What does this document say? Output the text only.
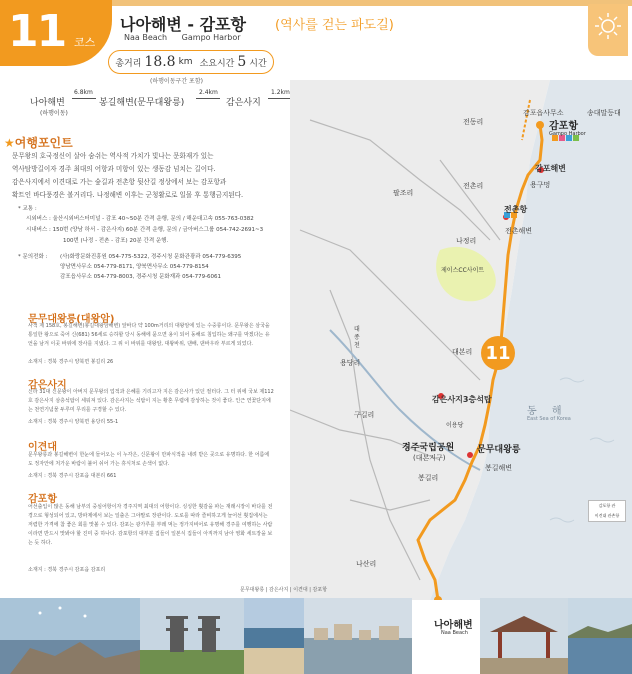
11 코스
나아해변 - 감포항 (역사를 걷는 파도길)
Naa Beach Gampo Harbor
총거리 18.8 km 소요시간 5 시간
(하행이동구간 포함)
나아해변
6.8km
(하행이동)
봉길해변(문무대왕릉)
2.4km
감은사지
1.2km
★여행포인트
문무왕의 호국정신이 살아 숨쉬는 역사적 가치가 빛나는 문화재가 있는
역사탐방길이자 경주 최대의 어항과 미항이 있는 생동감 넘치는 길이다.
감은사지에서 이견대로 가는 숲길과 전촌항 뒷산길 정상에서 보는 감포항과
확트인 바다풍경은 볼거리다. 나정해변 이후는 군청활로로 일몰 후 통행금지된다.
* 교통 :
시외버스 : 울산시외버스터미널 - 감포 40~50분 간격 운행, 문의 / 해운대고속 055-763-0382
시내버스 : 150번 (양남 하서 - 감은사지) 60분 간격 운행, 문의 / 금아버스그룹 054-742-2691~3
100번 (나정 - 전촌 - 감포) 20분 간격 운행.
* 문의전화 : (사)화랑문화진흥원 054-775-5322, 경주시청 문화관광과 054-779-6395
양남면사무소 054-779-8171, 양북면사무소 054-779-8154
감포읍사무소 054-779-8003, 경주시청 문화재과 054-779-6061
문무대왕릉(대왕암)
사적 제 158호, 봉길해변(봉길대왕암해변) 앞바다 약 100m거리의 대왕암에 있는 수중릉이다. 문무왕은 삼국을 통일한 왕으로 죽어 신(681) 56세로 승하할 당시 동해에 묻으면 용이 되어 동해로 침입하는 왜구를 막겠다는 유언을 남겨 이곳 바위에 장사를 지냈다. 그 위 이 바위를 대왕암, 대왕바위, 댄배, 댄바우라 부르게 되었다.
소재지 : 경북 경주시 양북면 봉길리 26
감은사지
신라 31대 신문왕이 아버지 문무왕의 업적과 은혜를 기리고자 지은 감은사가 있던 절터다. 그 터 위에 국보 제112호 감은사지 삼층석탑이 세워져 있다. 감은사지는 석탑이 지는 황혼 무렵에 감상하는 것이 좋다. 인근 연꽃단지에는 천연기념물 두루미 무리를 구경할 수 있다.
소재지 : 경북 경주시 양북면 용당리 55-1
이견대
문무왕릉과 봉길해변이 한눈에 들어오는 이 누각은, 신문왕이 만파식적을 내려 받은 곳으로 유명하다. 한 어름에도 정자안에 처가운 바람이 불어 쉬어 가는 휴식처로 손색이 없다.
소재지 : 경북 경주시 감포읍 대본리 661
감포항
어선출입이 많은 동해 남부의 중심어항이자 경주지역 최대의 어항이다. 싱싱한 횟감을 파는 재래시장이 바다를 전경으로 형성되어 있고, 방파제에서 보는 일출은 그야말로 장관이다. 도로를 따라 즐비하고게 늘어선 횟집에서는 저렴한 가격에 참 좋은 회를 맛볼 수 있다. 감포는 광가루를 부레 먹는 정가지비어로 유명해 경주를 여행하는 사람이라면 반드시 맛봐야 할 진미 중 하나다. 감포항의 대부분 집들이 일본식 집들이 아직까지 남아 영화 세트장을 보는 듯 하다.
소재지 : 경북 경주시 감포읍 감포리
감포읍사무소	송대말등대
전동리	감포항
Gampo Harbor
팔조리
감포해변
용구멍
전촌리
전촌항
전촌해변
나정리
제이스CC사이트
대본리
용당리
대 종 천
감은사지3층석탑
이용당
구길리
경주국립공원
(대본지구)
문무대왕릉
봉길리
봉길해변
나산리
나아해변
Naa Beach
동 해
East Sea of Korea
11
감포항 관
이견대 관촌항
문무대왕릉 | 감은사지 | 이견대 | 감포항
